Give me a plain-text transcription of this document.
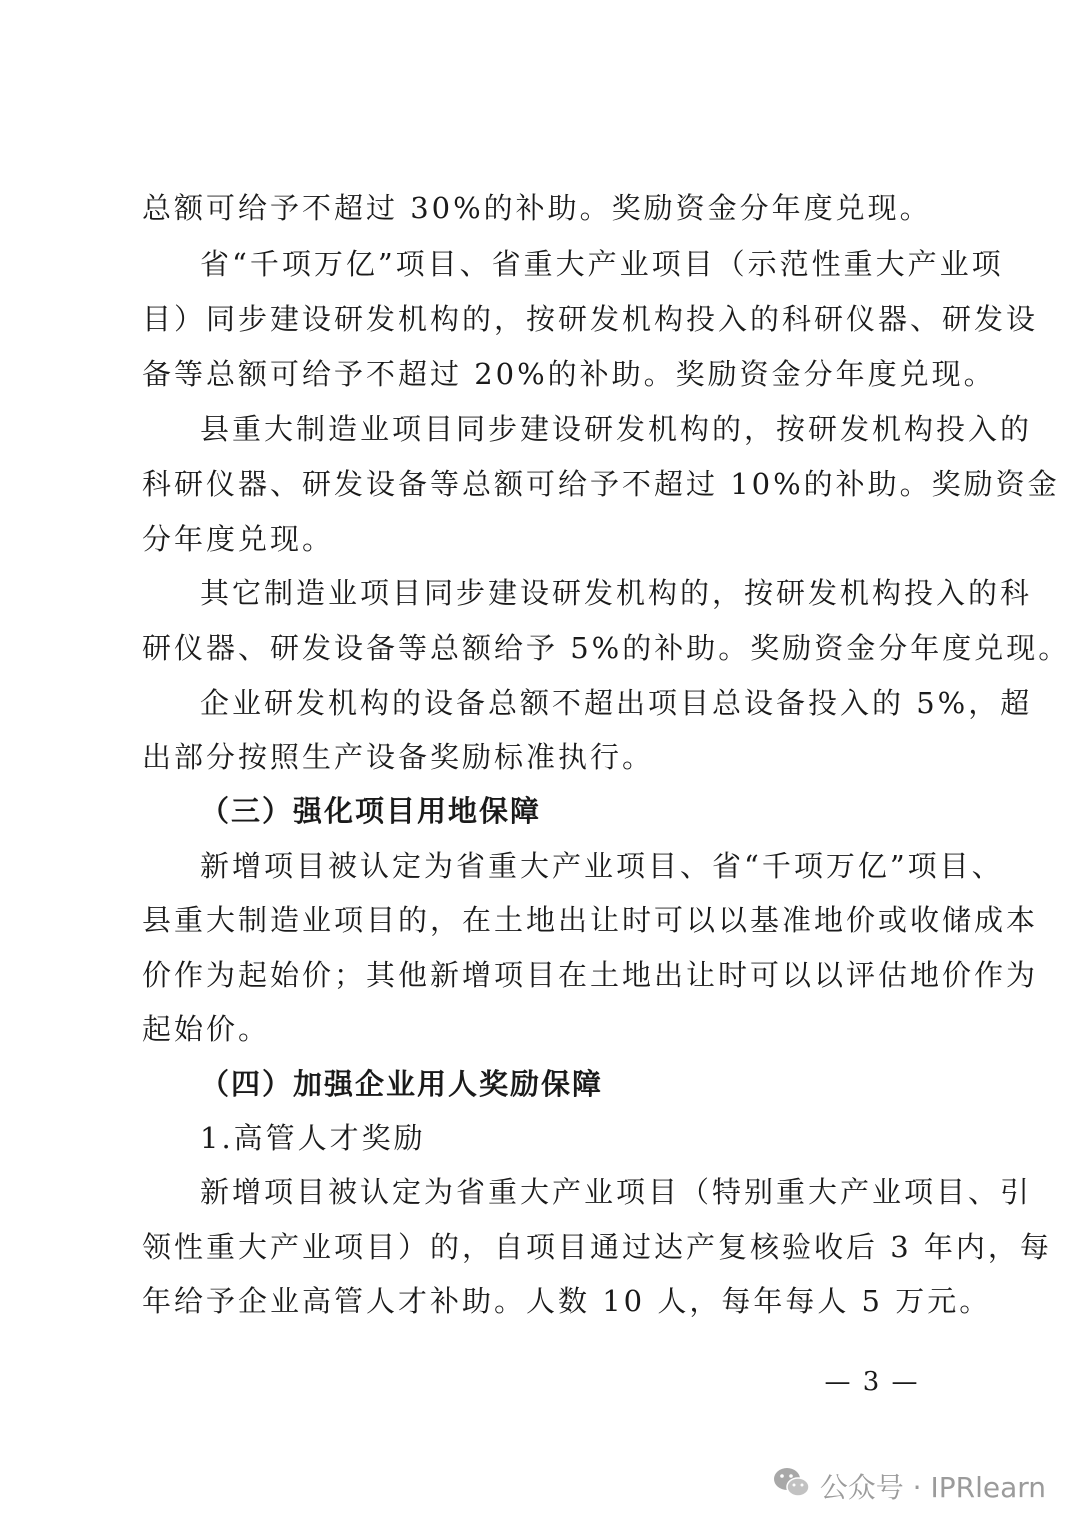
总额可给予不超过 30%的补助。奖励资金分年度兑现。
省“千项万亿”项目、省重大产业项目（示范性重大产业项
目）同步建设研发机构的，按研发机构投入的科研仪器、研发设
备等总额可给予不超过 20%的补助。奖励资金分年度兑现。
县重大制造业项目同步建设研发机构的，按研发机构投入的
科研仪器、研发设备等总额可给予不超过 10%的补助。奖励资金
分年度兑现。
其它制造业项目同步建设研发机构的，按研发机构投入的科
研仪器、研发设备等总额给予 5%的补助。奖励资金分年度兑现。
企业研发机构的设备总额不超出项目总设备投入的 5%，超
出部分按照生产设备奖励标准执行。
（三）强化项目用地保障
新增项目被认定为省重大产业项目、省“千项万亿”项目、
县重大制造业项目的，在土地出让时可以以基准地价或收储成本
价作为起始价；其他新增项目在土地出让时可以以评估地价作为
起始价。
（四）加强企业用人奖励保障
1.高管人才奖励
新增项目被认定为省重大产业项目（特别重大产业项目、引
领性重大产业项目）的，自项目通过达产复核验收后 3 年内，每
年给予企业高管人才补助。人数 10 人，每年每人 5 万元。
— 3 —
公众号 · IPRlearn
